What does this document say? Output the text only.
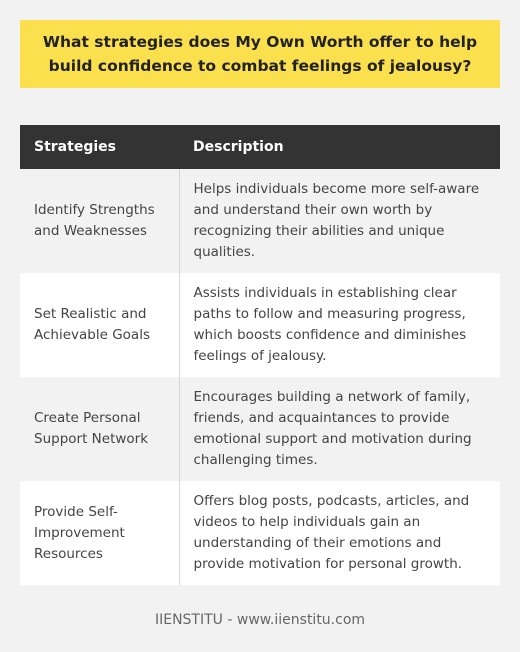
What strategies does My Own Worth offer to help build confidence to combat feelings of jealousy?
Strategies	Description
Identify Strengths and Weaknesses	Helps individuals become more self-aware and understand their own worth by recognizing their abilities and unique qualities.
Set Realistic and Achievable Goals	Assists individuals in establishing clear paths to follow and measuring progress, which boosts confidence and diminishes feelings of jealousy.
Create Personal Support Network	Encourages building a network of family, friends, and acquaintances to provide emotional support and motivation during challenging times.
Provide Self-Improvement Resources	Offers blog posts, podcasts, articles, and videos to help individuals gain an understanding of their emotions and provide motivation for personal growth.
IIENSTITU - www.iienstitu.com
